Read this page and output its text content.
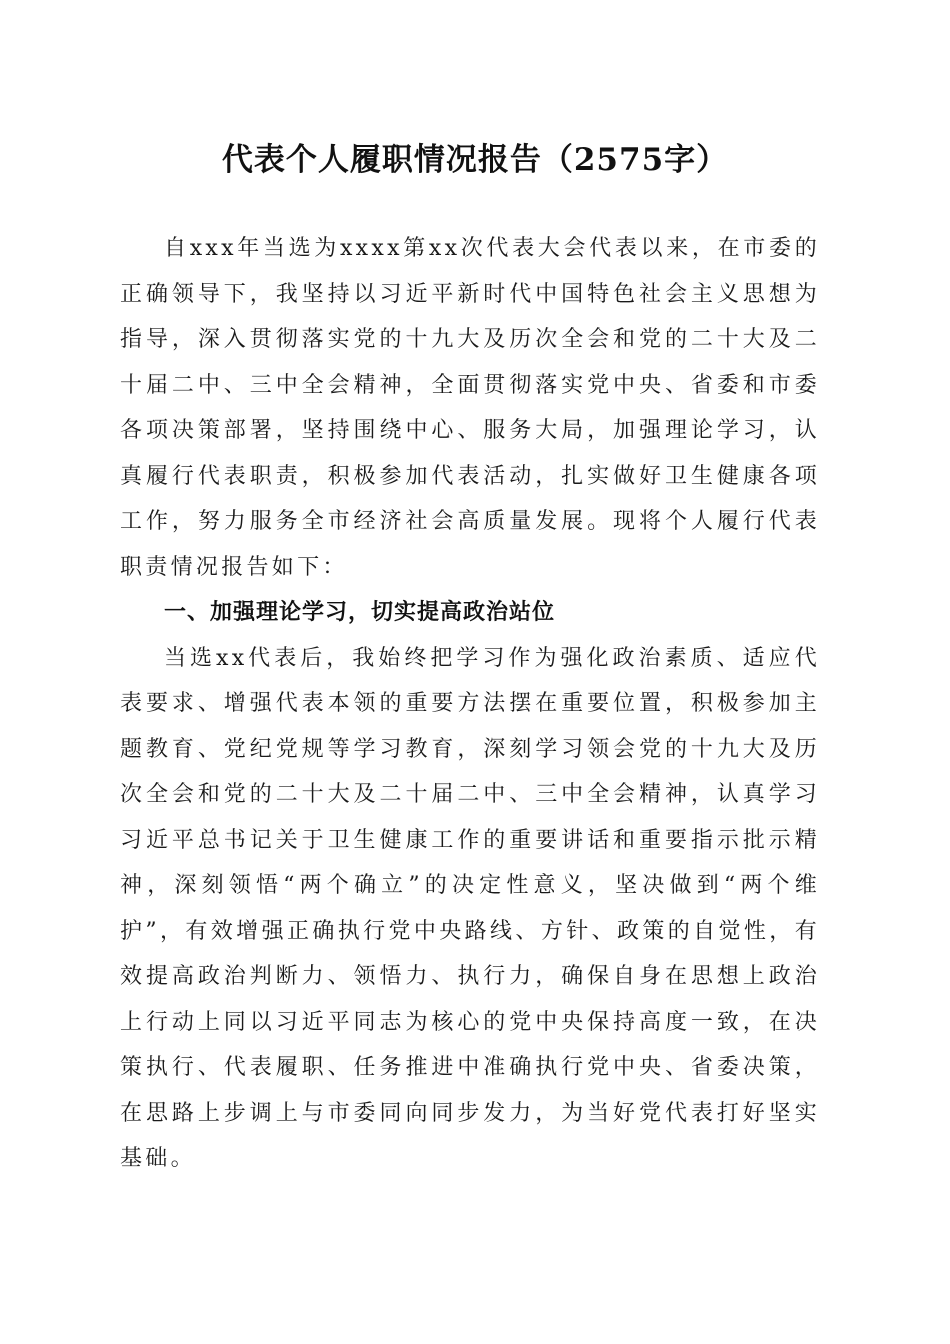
代表个人履职情况报告（2575字）

自xxx年当选为xxxx第xx次代表大会代表以来，在市委的正确领导下，我坚持以习近平新时代中国特色社会主义思想为指导，深入贯彻落实党的十九大及历次全会和党的二十大及二十届二中、三中全会精神，全面贯彻落实党中央、省委和市委各项决策部署，坚持围绕中心、服务大局，加强理论学习，认真履行代表职责，积极参加代表活动，扎实做好卫生健康各项工作，努力服务全市经济社会高质量发展。现将个人履行代表职责情况报告如下：

一、加强理论学习，切实提高政治站位

当选xx代表后，我始终把学习作为强化政治素质、适应代表要求、增强代表本领的重要方法摆在重要位置，积极参加主题教育、党纪党规等学习教育，深刻学习领会党的十九大及历次全会和党的二十大及二十届二中、三中全会精神，认真学习习近平总书记关于卫生健康工作的重要讲话和重要指示批示精神，深刻领悟“两个确立”的决定性意义，坚决做到“两个维护”，有效增强正确执行党中央路线、方针、政策的自觉性，有效提高政治判断力、领悟力、执行力，确保自身在思想上政治上行动上同以习近平同志为核心的党中央保持高度一致，在决策执行、代表履职、任务推进中准确执行党中央、省委决策，在思路上步调上与市委同向同步发力，为当好党代表打好坚实基础。
